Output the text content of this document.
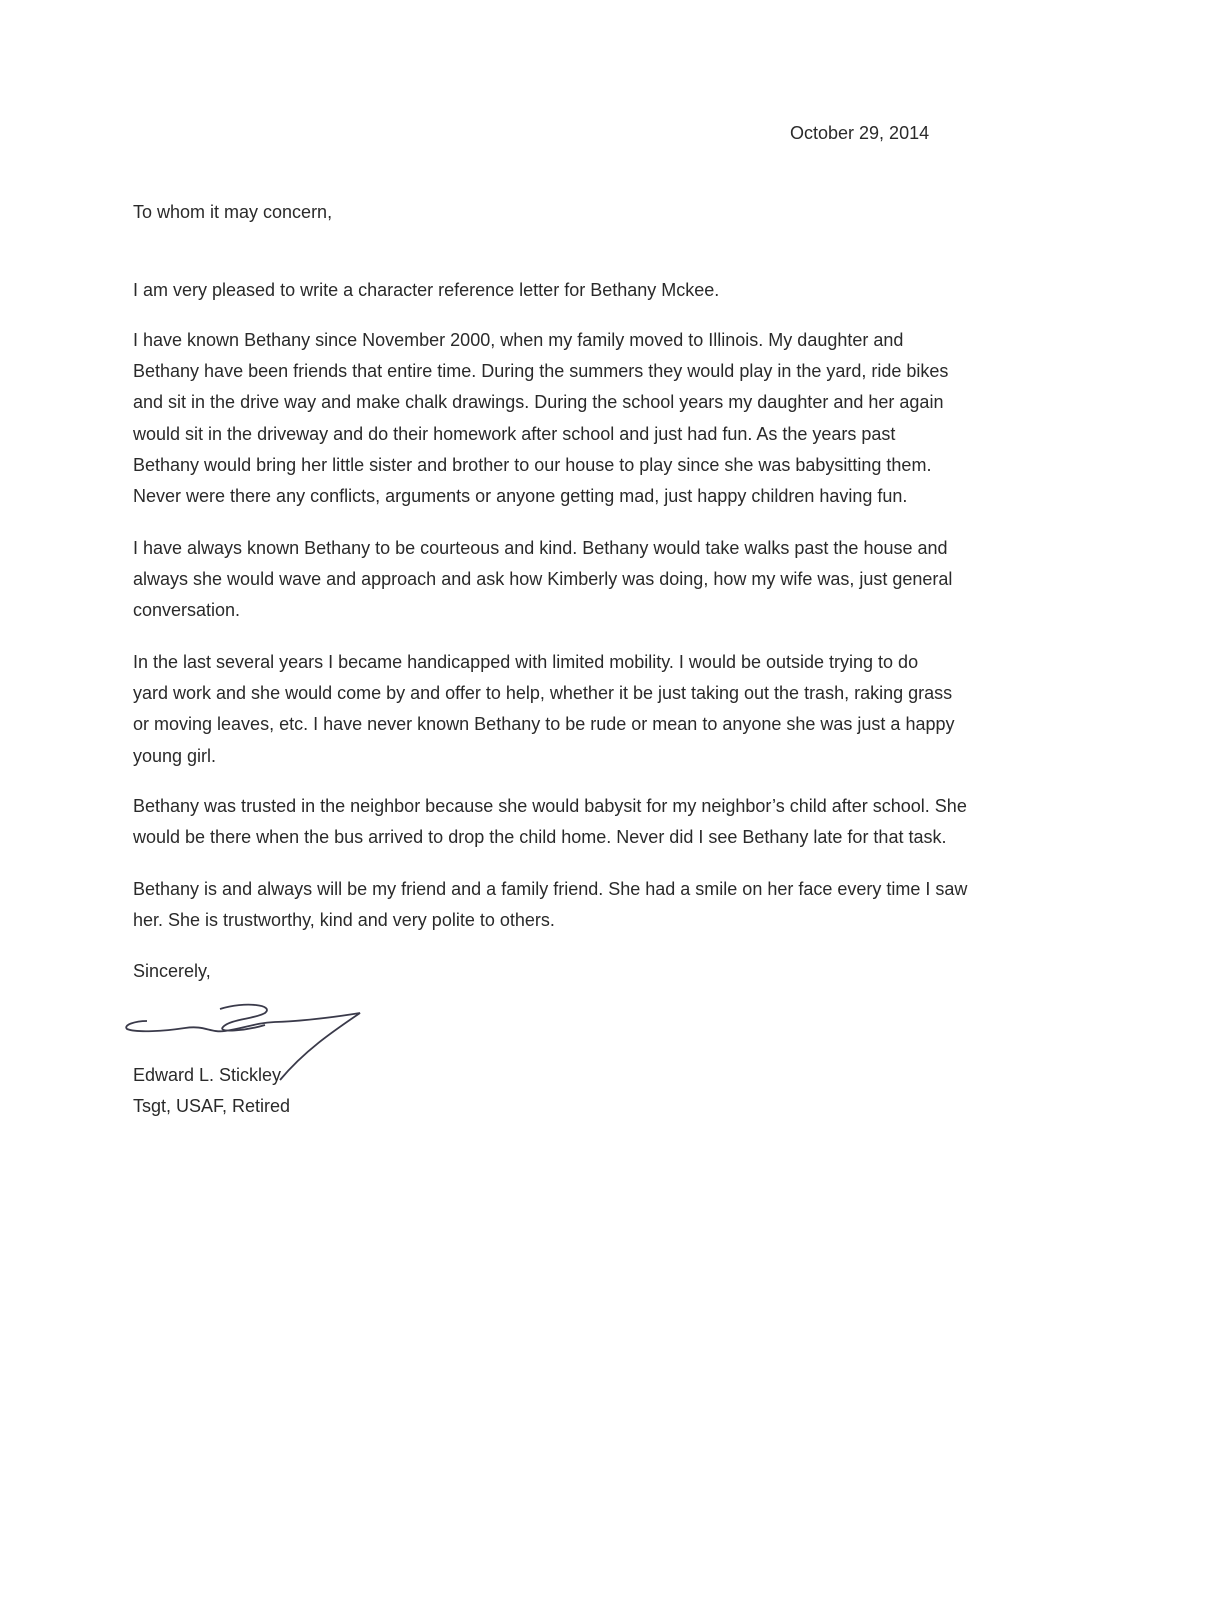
October 29, 2014
To whom it may concern,
I am very pleased to write a character reference letter for Bethany Mckee.
I have known Bethany since November 2000, when my family moved to Illinois. My daughter and
Bethany have been friends that entire time. During the summers they would play in the yard, ride bikes
and sit in the drive way and make chalk drawings. During the school years my daughter and her again
would sit in the driveway and do their homework after school and just had fun. As the years past
Bethany would bring her little sister and brother to our house to play since she was babysitting them.
Never were there any conflicts, arguments or anyone getting mad, just happy children having fun.
I have always known Bethany to be courteous and kind. Bethany would take walks past the house and
always she would wave and approach and ask how Kimberly was doing, how my wife was, just general
conversation.
In the last several years I became handicapped with limited mobility. I would be outside trying to do
yard work and she would come by and offer to help, whether it be just taking out the trash, raking grass
or moving leaves, etc. I have never known Bethany to be rude or mean to anyone she was just a happy
young girl.
Bethany was trusted in the neighbor because she would babysit for my neighbor’s child after school. She
would be there when the bus arrived to drop the child home. Never did I see Bethany late for that task.
Bethany is and always will be my friend and a family friend. She had a smile on her face every time I saw
her. She is trustworthy, kind and very polite to others.
Sincerely,
Edward L. Stickley
Tsgt, USAF, Retired
